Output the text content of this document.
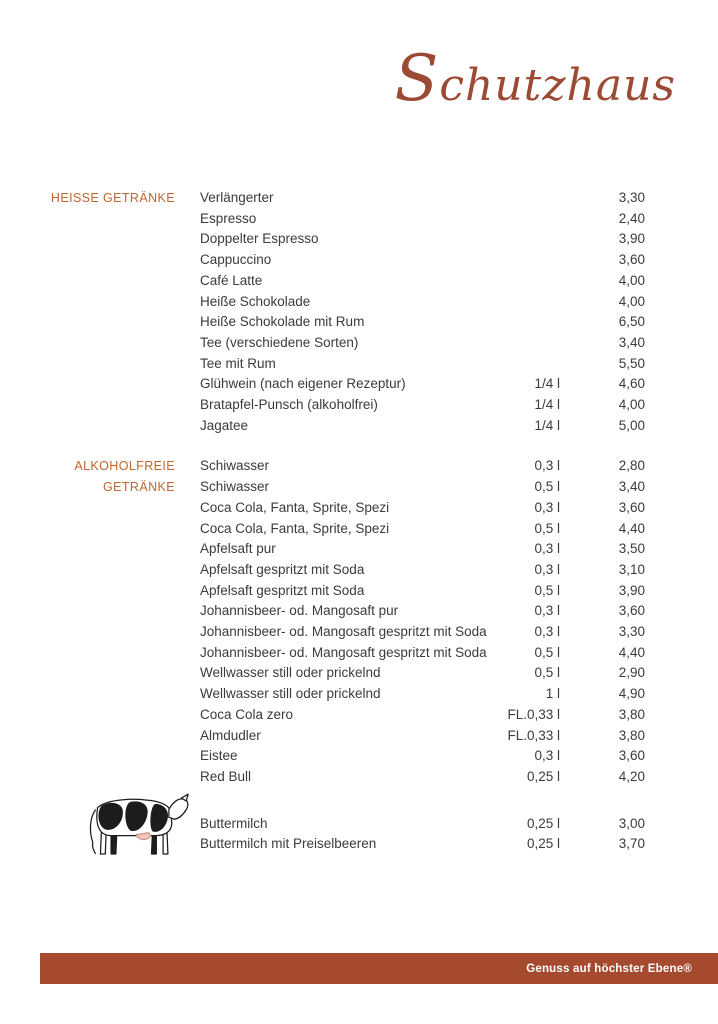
Schutzhaus
HEISSE GETRÄNKE	Verlängerter	3,30
Espresso	2,40
Doppelter Espresso	3,90
Cappuccino	3,60
Café Latte	4,00
Heiße Schokolade	4,00
Heiße Schokolade mit Rum	6,50
Tee (verschiedene Sorten)	3,40
Tee mit Rum	5,50
Glühwein (nach eigener Rezeptur)	1/4 l	4,60
Bratapfel-Punsch (alkoholfrei)	1/4 l	4,00
Jagatee	1/4 l	5,00
ALKOHOLFREIE
GETRÄNKE
Schiwasser	0,3 l	2,80
Schiwasser	0,5 l	3,40
Coca Cola, Fanta, Sprite, Spezi	0,3 l	3,60
Coca Cola, Fanta, Sprite, Spezi	0,5 l	4,40
Apfelsaft pur	0,3 l	3,50
Apfelsaft gespritzt mit Soda	0,3 l	3,10
Apfelsaft gespritzt mit Soda	0,5 l	3,90
Johannisbeer- od. Mangosaft pur	0,3 l	3,60
Johannisbeer- od. Mangosaft gespritzt mit Soda	0,3 l	3,30
Johannisbeer- od. Mangosaft gespritzt mit Soda	0,5 l	4,40
Wellwasser still oder prickelnd	0,5 l	2,90
Wellwasser still oder prickelnd	1 l	4,90
Coca Cola zero	FL.0,33 l	3,80
Almdudler	FL.0,33 l	3,80
Eistee	0,3 l	3,60
Red Bull	0,25 l	4,20
Buttermilch	0,25 l	3,00
Buttermilch mit Preiselbeeren	0,25 l	3,70
Genuss auf höchster Ebene®
